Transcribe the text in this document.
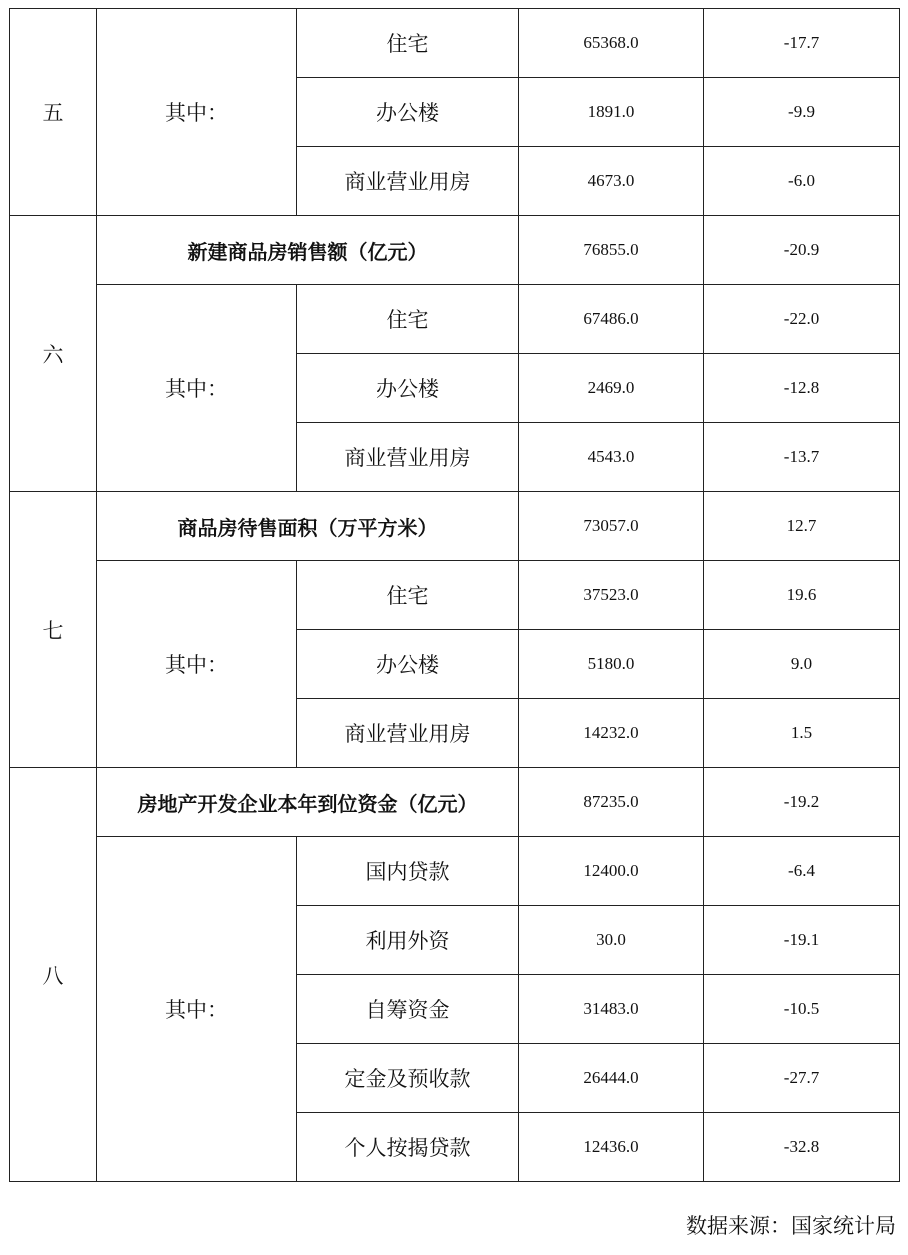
五	其中：	住宅	65368.0	-17.7
		办公楼	1891.0	-9.9
		商业营业用房	4673.0	-6.0
六	新建商品房销售额（亿元）		76855.0	-20.9
	其中：	住宅	67486.0	-22.0
		办公楼	2469.0	-12.8
		商业营业用房	4543.0	-13.7
七	商品房待售面积（万平方米）		73057.0	12.7
	其中：	住宅	37523.0	19.6
		办公楼	5180.0	9.0
		商业营业用房	14232.0	1.5
八	房地产开发企业本年到位资金（亿元）		87235.0	-19.2
	其中：	国内贷款	12400.0	-6.4
		利用外资	30.0	-19.1
		自筹资金	31483.0	-10.5
		定金及预收款	26444.0	-27.7
		个人按揭贷款	12436.0	-32.8
数据来源：国家统计局
